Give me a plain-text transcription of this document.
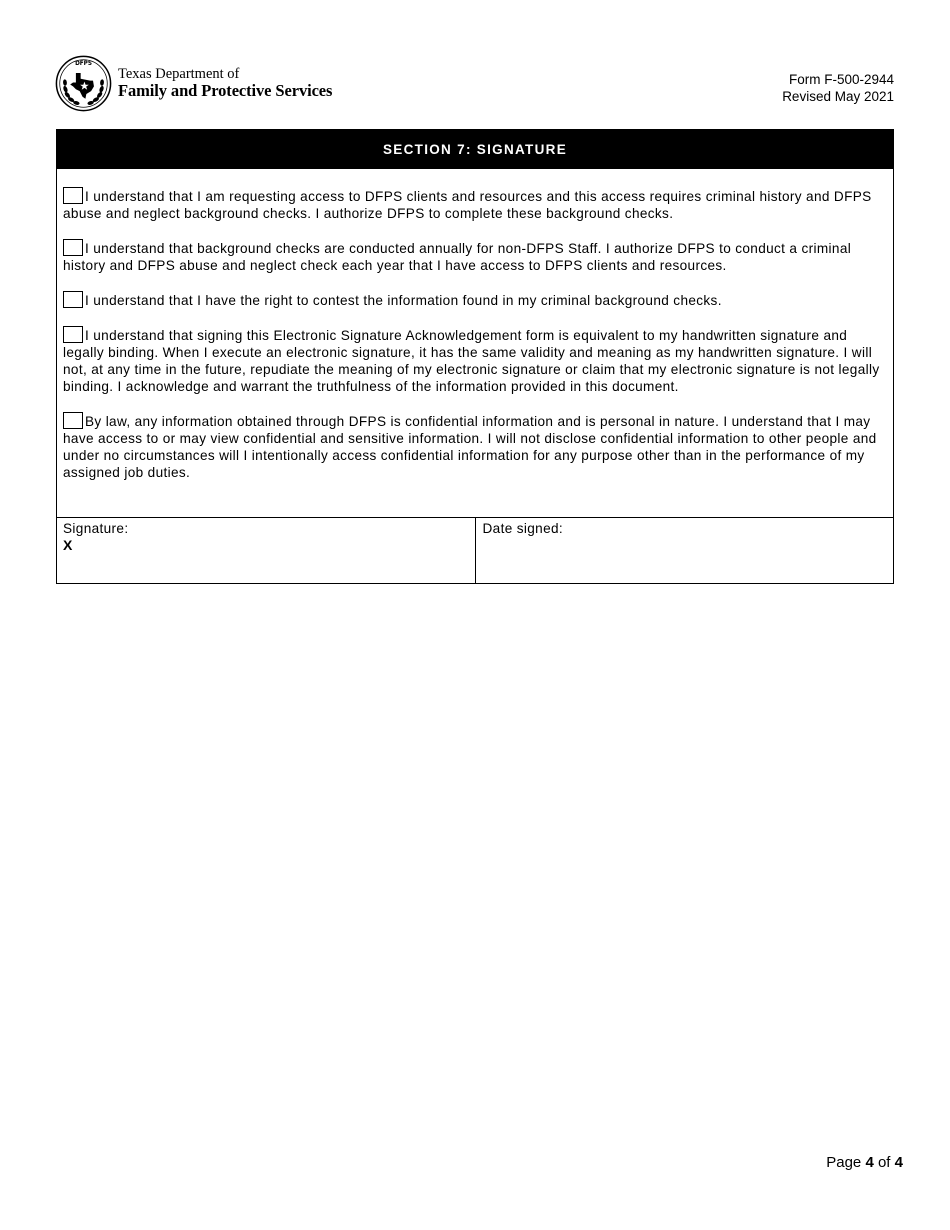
DFPS
Texas Department of
Family and Protective Services
Form F-500-2944
Revised May 2021
SECTION 7: SIGNATURE
I understand that I am requesting access to DFPS clients and resources and this access requires criminal history and DFPS abuse and neglect background checks. I authorize DFPS to complete these background checks.
I understand that background checks are conducted annually for non-DFPS Staff. I authorize DFPS to conduct a criminal history and DFPS abuse and neglect check each year that I have access to DFPS clients and resources.
I understand that I have the right to contest the information found in my criminal background checks.
I understand that signing this Electronic Signature Acknowledgement form is equivalent to my handwritten signature and legally binding. When I execute an electronic signature, it has the same validity and meaning as my handwritten signature. I will not, at any time in the future, repudiate the meaning of my electronic signature or claim that my electronic signature is not legally binding. I acknowledge and warrant the truthfulness of the information provided in this document.
By law, any information obtained through DFPS is confidential information and is personal in nature. I understand that I may have access to or may view confidential and sensitive information. I will not disclose confidential information to other people and under no circumstances will I intentionally access confidential information for any purpose other than in the performance of my assigned job duties.
Signature:
X
Date signed:
Page 4 of 4
